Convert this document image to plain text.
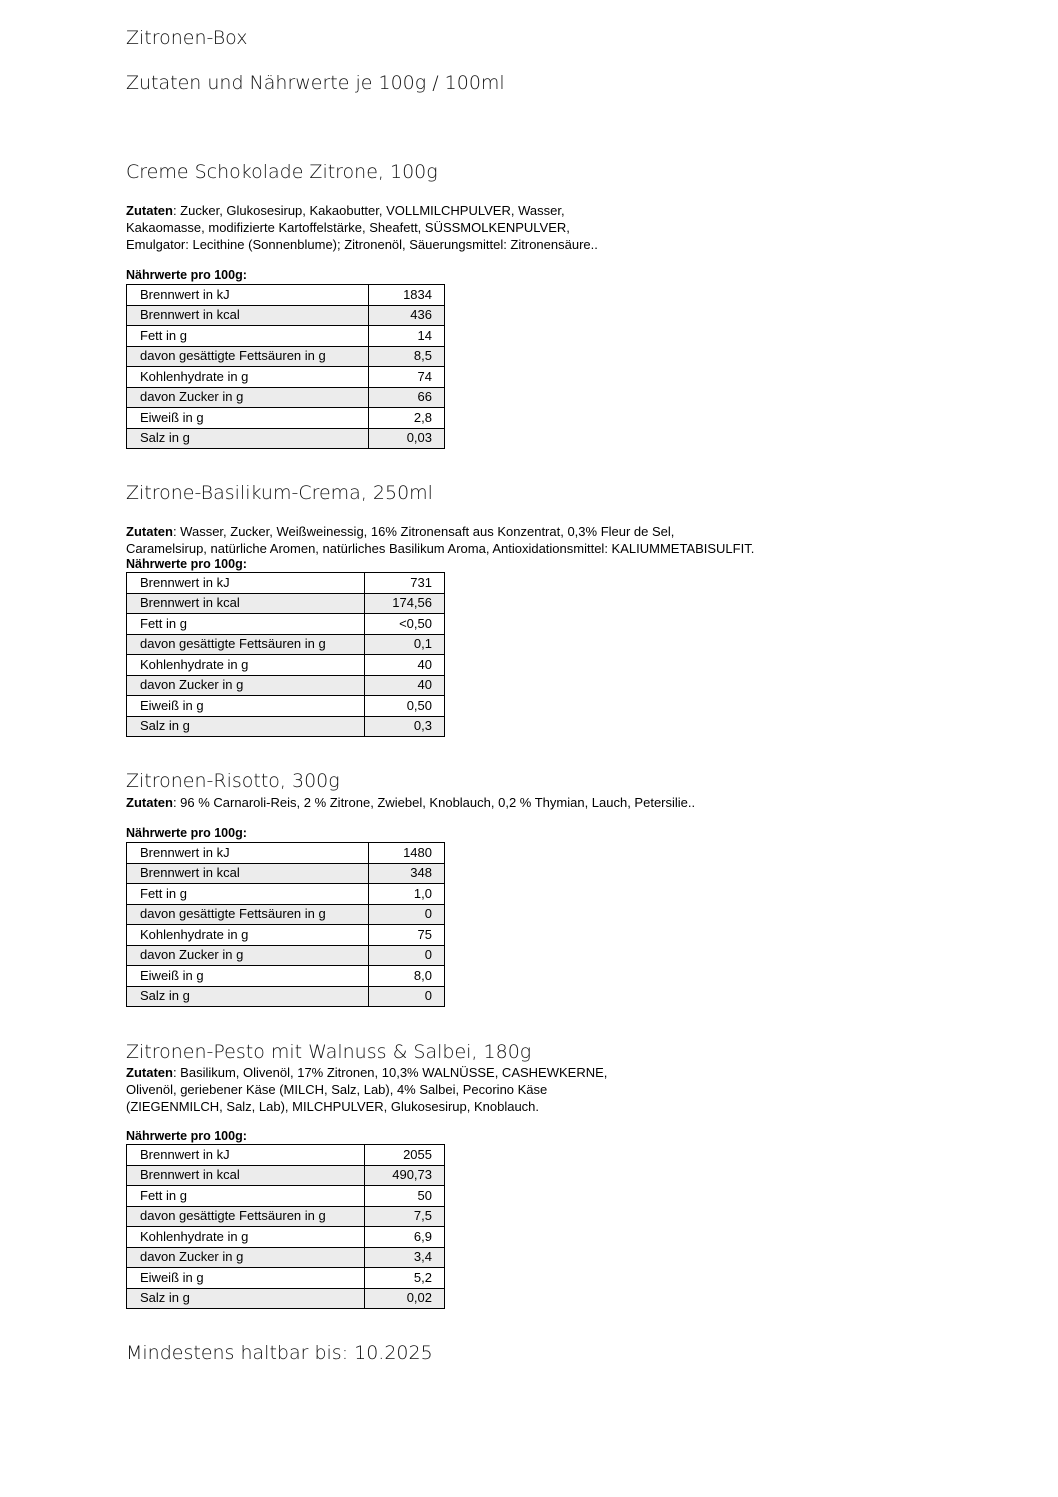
Zitronen-Box
Zutaten und Nährwerte je 100g / 100ml
Creme Schokolade Zitrone, 100g
Zutaten: Zucker, Glukosesirup, Kakaobutter, VOLLMILCHPULVER, Wasser,
Kakaomasse, modifizierte Kartoffelstärke, Sheafett, SÜSSMOLKENPULVER,
Emulgator: Lecithine (Sonnenblume); Zitronenöl, Säuerungsmittel: Zitronensäure..
Nährwerte pro 100g:
Brennwert in kJ	1834
Brennwert in kcal	436
Fett in g	14
davon gesättigte Fettsäuren in g	8,5
Kohlenhydrate in g	74
davon Zucker in g	66
Eiweiß in g	2,8
Salz in g	0,03
Zitrone-Basilikum-Crema, 250ml
Zutaten: Wasser, Zucker, Weißweinessig, 16% Zitronensaft aus Konzentrat, 0,3% Fleur de Sel,
Caramelsirup, natürliche Aromen, natürliches Basilikum Aroma, Antioxidationsmittel: KALIUMMETABISULFIT.
Nährwerte pro 100g:
Brennwert in kJ	731
Brennwert in kcal	174,56
Fett in g	<0,50
davon gesättigte Fettsäuren in g	0,1
Kohlenhydrate in g	40
davon Zucker in g	40
Eiweiß in g	0,50
Salz in g	0,3
Zitronen-Risotto, 300g
Zutaten: 96 % Carnaroli-Reis, 2 % Zitrone, Zwiebel, Knoblauch, 0,2 % Thymian, Lauch, Petersilie..
Nährwerte pro 100g:
Brennwert in kJ	1480
Brennwert in kcal	348
Fett in g	1,0
davon gesättigte Fettsäuren in g	0
Kohlenhydrate in g	75
davon Zucker in g	0
Eiweiß in g	8,0
Salz in g	0
Zitronen-Pesto mit Walnuss & Salbei, 180g
Zutaten: Basilikum, Olivenöl, 17% Zitronen, 10,3% WALNÜSSE, CASHEWKERNE,
Olivenöl, geriebener Käse (MILCH, Salz, Lab), 4% Salbei, Pecorino Käse
(ZIEGENMILCH, Salz, Lab), MILCHPULVER, Glukosesirup, Knoblauch.
Nährwerte pro 100g:
Brennwert in kJ	2055
Brennwert in kcal	490,73
Fett in g	50
davon gesättigte Fettsäuren in g	7,5
Kohlenhydrate in g	6,9
davon Zucker in g	3,4
Eiweiß in g	5,2
Salz in g	0,02
Mindestens haltbar bis: 10.2025
